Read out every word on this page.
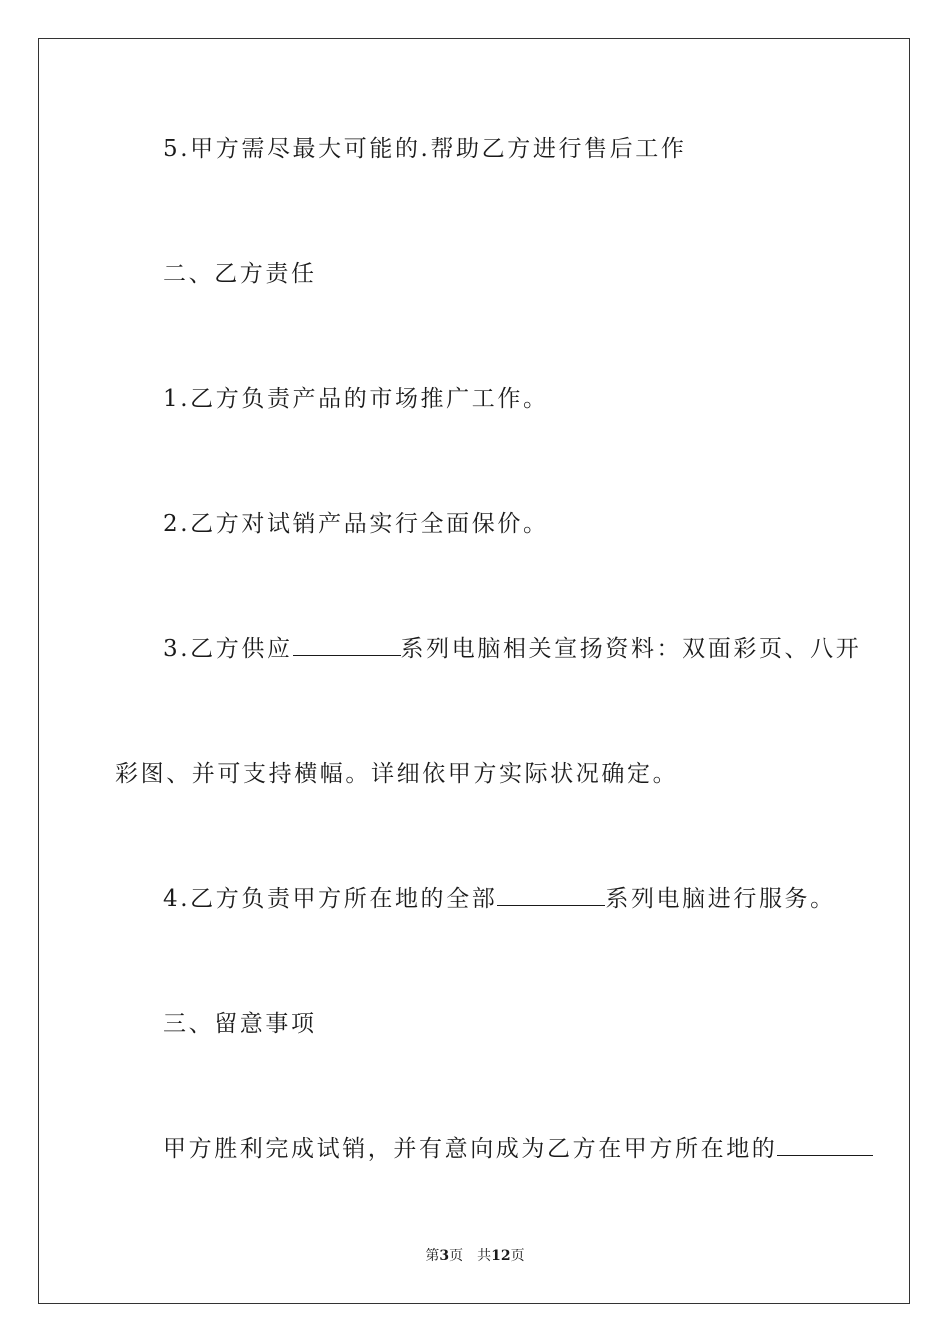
5.甲方需尽最大可能的.帮助乙方进行售后工作
二、乙方责任
1.乙方负责产品的市场推广工作。
2.乙方对试销产品实行全面保价。
3.乙方供应	系列电脑相关宣扬资料：双面彩页、八开
彩图、并可支持横幅。详细依甲方实际状况确定。
4.乙方负责甲方所在地的全部	系列电脑进行服务。
三、留意事项
甲方胜利完成试销，并有意向成为乙方在甲方所在地的
第3页 共12页
